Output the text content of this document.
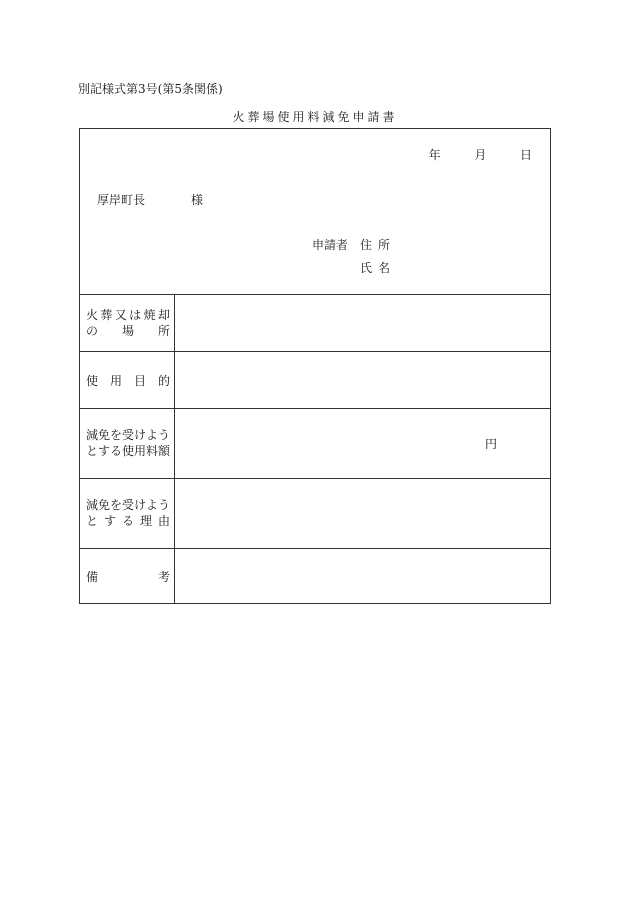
別記様式第3号(第5条関係)
火葬場使用料減免申請書
年	月	日
厚岸町長	様
申請者 住所
氏名
火 葬 又 は 焼 却
の 場 所
使 用 目 的
減免を受けよう
とする使用料額	円
減免を受けよう
と す る 理 由
備	考
